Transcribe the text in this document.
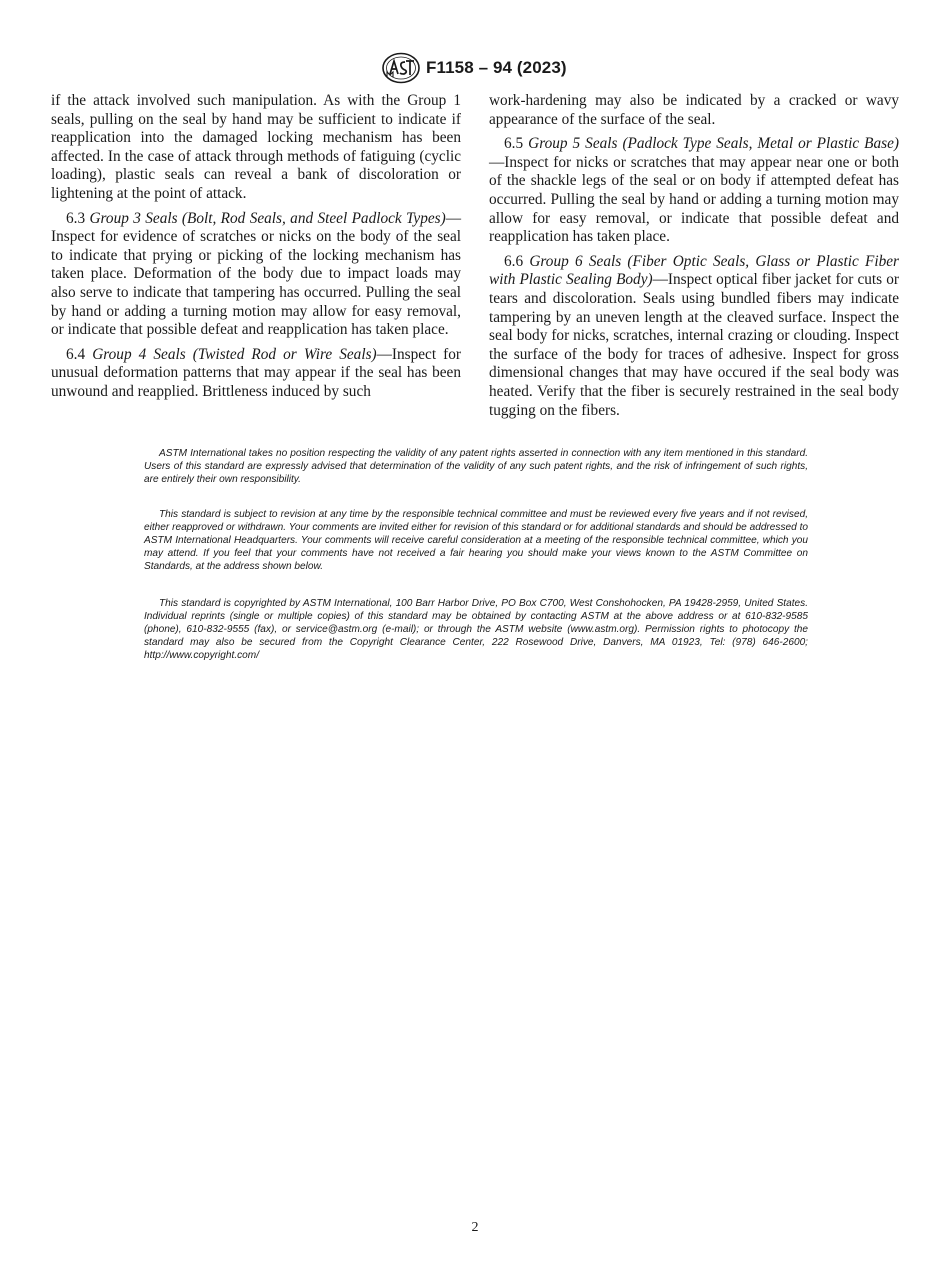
F1158 – 94 (2023)

if the attack involved such manipulation. As with the Group 1 seals, pulling on the seal by hand may be sufficient to indicate if reapplication into the damaged locking mechanism has been affected. In the case of attack through methods of fatiguing (cyclic loading), plastic seals can reveal a bank of discoloration or lightening at the point of attack.

6.3 Group 3 Seals (Bolt, Rod Seals, and Steel Padlock Types)—Inspect for evidence of scratches or nicks on the body of the seal to indicate that prying or picking of the locking mechanism has taken place. Deformation of the body due to impact loads may also serve to indicate that tampering has occurred. Pulling the seal by hand or adding a turning motion may allow for easy removal, or indicate that possible defeat and reapplication has taken place.

6.4 Group 4 Seals (Twisted Rod or Wire Seals)—Inspect for unusual deformation patterns that may appear if the seal has been unwound and reapplied. Brittleness induced by such

work-hardening may also be indicated by a cracked or wavy appearance of the surface of the seal.

6.5 Group 5 Seals (Padlock Type Seals, Metal or Plastic Base)—Inspect for nicks or scratches that may appear near one or both of the shackle legs of the seal or on body if attempted defeat has occurred. Pulling the seal by hand or adding a turning motion may allow for easy removal, or indicate that possible defeat and reapplication has taken place.

6.6 Group 6 Seals (Fiber Optic Seals, Glass or Plastic Fiber with Plastic Sealing Body)—Inspect optical fiber jacket for cuts or tears and discoloration. Seals using bundled fibers may indicate tampering by an uneven length at the cleaved surface. Inspect the seal body for nicks, scratches, internal crazing or clouding. Inspect the surface of the body for traces of adhesive. Inspect for gross dimensional changes that may have occured if the seal body was heated. Verify that the fiber is securely restrained in the seal body tugging on the fibers.

ASTM International takes no position respecting the validity of any patent rights asserted in connection with any item mentioned in this standard. Users of this standard are expressly advised that determination of the validity of any such patent rights, and the risk of infringement of such rights, are entirely their own responsibility.
This standard is subject to revision at any time by the responsible technical committee and must be reviewed every five years and if not revised, either reapproved or withdrawn. Your comments are invited either for revision of this standard or for additional standards and should be addressed to ASTM International Headquarters. Your comments will receive careful consideration at a meeting of the responsible technical committee, which you may attend. If you feel that your comments have not received a fair hearing you should make your views known to the ASTM Committee on Standards, at the address shown below.
This standard is copyrighted by ASTM International, 100 Barr Harbor Drive, PO Box C700, West Conshohocken, PA 19428-2959, United States. Individual reprints (single or multiple copies) of this standard may be obtained by contacting ASTM at the above address or at 610-832-9585 (phone), 610-832-9555 (fax), or service@astm.org (e-mail); or through the ASTM website (www.astm.org). Permission rights to photocopy the standard may also be secured from the Copyright Clearance Center, 222 Rosewood Drive, Danvers, MA 01923, Tel: (978) 646-2600; http://www.copyright.com/
2
